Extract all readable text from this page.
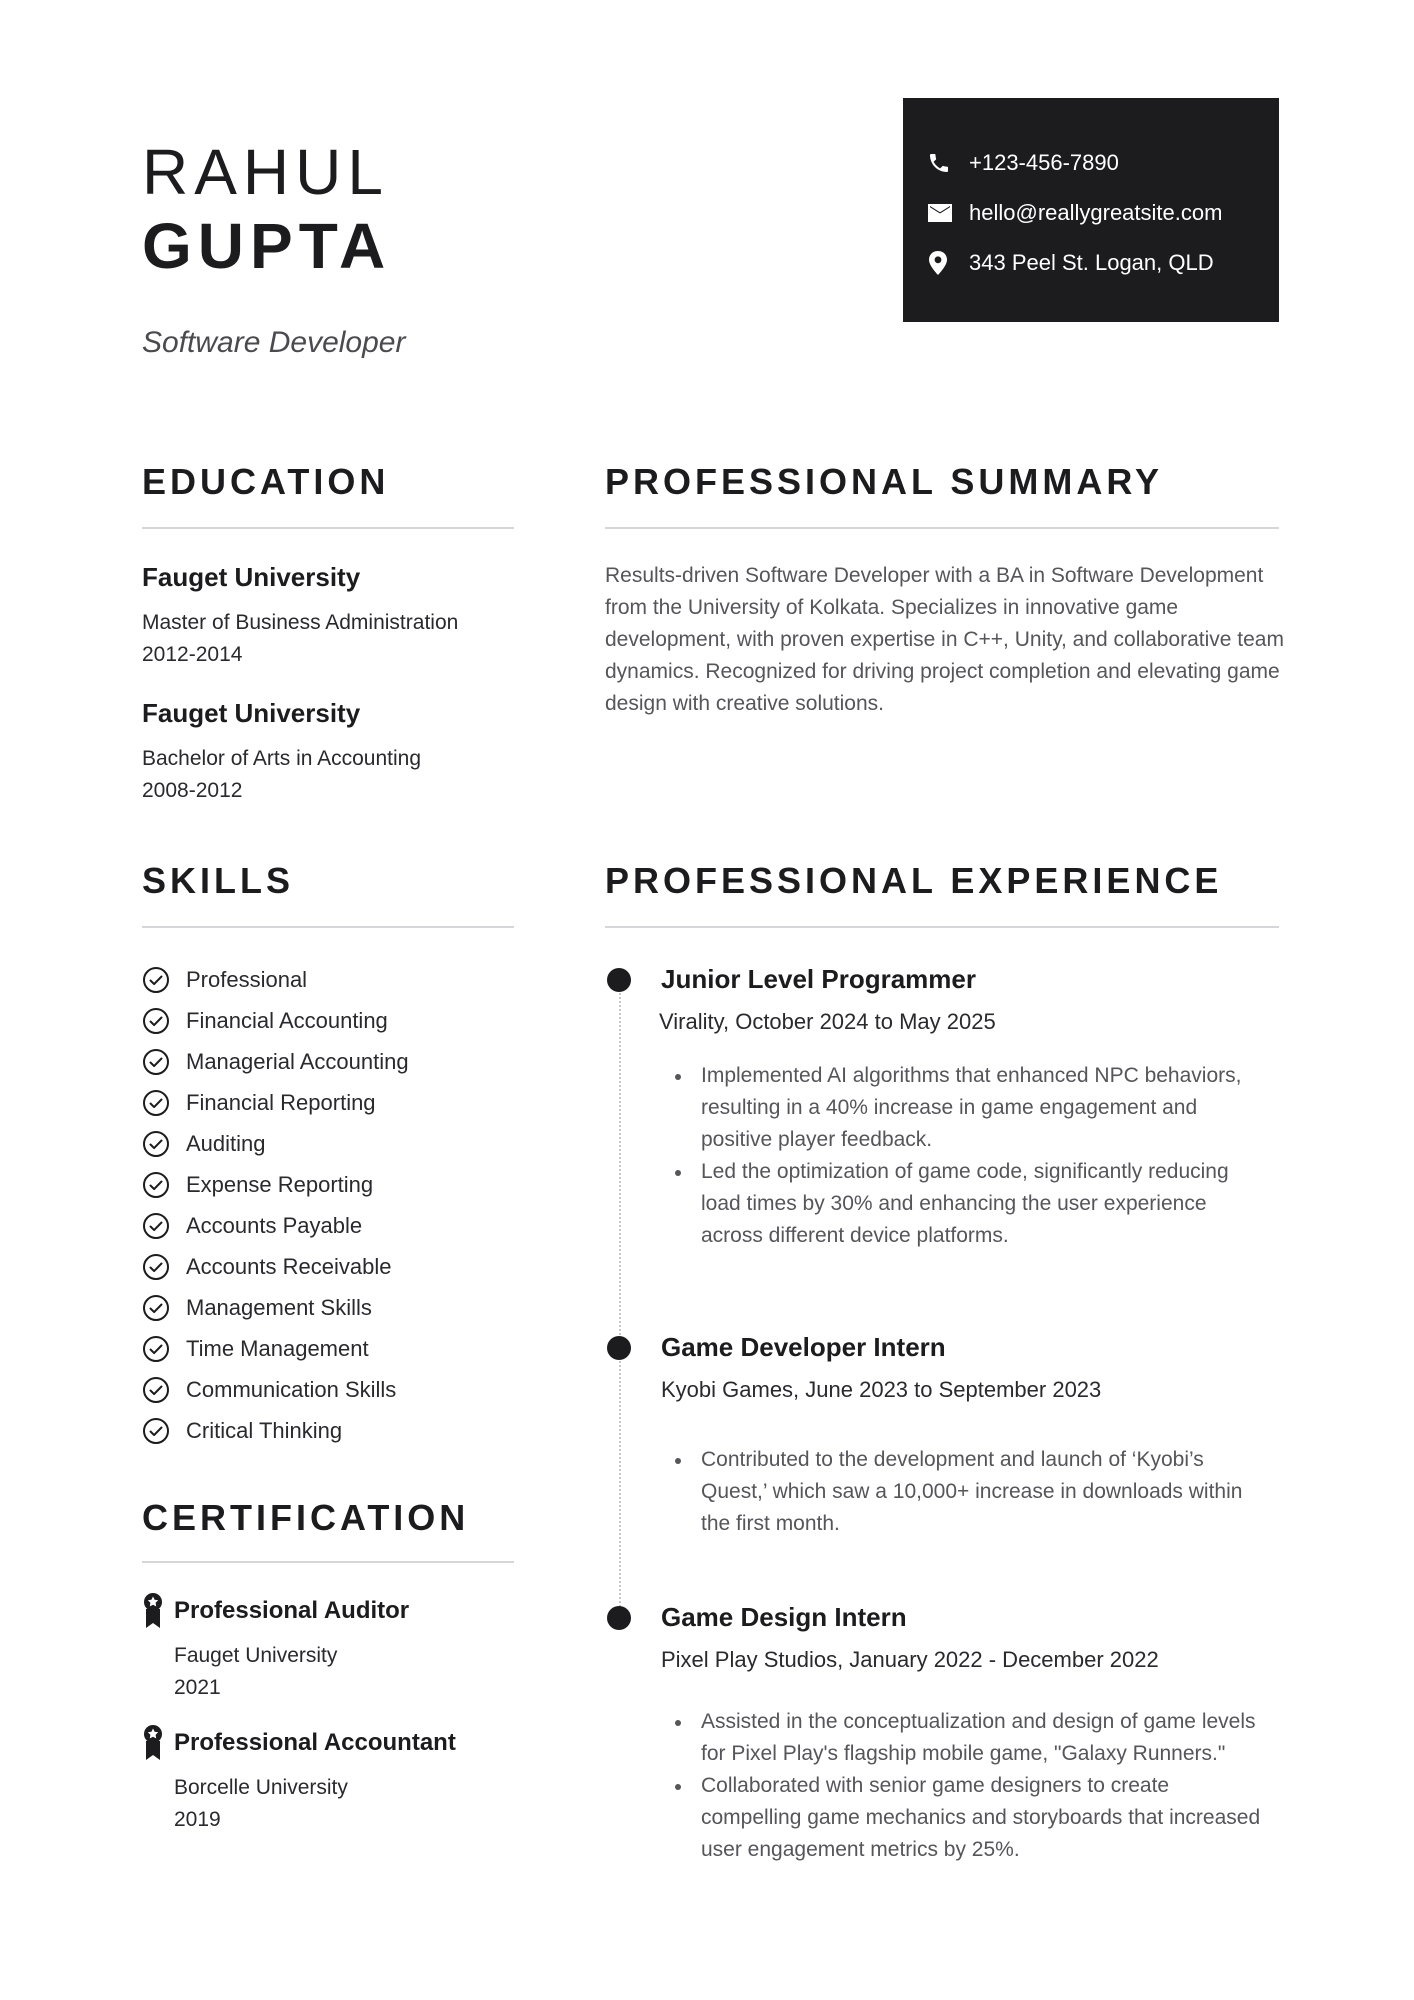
RAHUL
GUPTA
Software Developer
+123-456-7890
hello@reallygreatsite.com
343 Peel St. Logan, QLD
EDUCATION
Fauget University
Master of Business Administration
2012-2014
Fauget University
Bachelor of Arts in Accounting
2008-2012
PROFESSIONAL SUMMARY
Results-driven Software Developer with a BA in Software Development from the University of Kolkata. Specializes in innovative game development, with proven expertise in C++, Unity, and collaborative team dynamics. Recognized for driving project completion and elevating game design with creative solutions.
SKILLS
Professional
Financial Accounting
Managerial Accounting
Financial Reporting
Auditing
Expense Reporting
Accounts Payable
Accounts Receivable
Management Skills
Time Management
Communication Skills
Critical Thinking
CERTIFICATION
Professional Auditor
Fauget University
2021
Professional Accountant
Borcelle University
2019
PROFESSIONAL EXPERIENCE
Junior Level Programmer
Virality, October 2024 to May 2025
Implemented AI algorithms that enhanced NPC behaviors, resulting in a 40% increase in game engagement and positive player feedback.
Led the optimization of game code, significantly reducing load times by 30% and enhancing the user experience across different device platforms.
Game Developer Intern
Kyobi Games, June 2023 to September 2023
Contributed to the development and launch of ‘Kyobi’s Quest,’ which saw a 10,000+ increase in downloads within the first month.
Game Design Intern
Pixel Play Studios, January 2022 - December 2022
Assisted in the conceptualization and design of game levels for Pixel Play's flagship mobile game, "Galaxy Runners."
Collaborated with senior game designers to create compelling game mechanics and storyboards that increased user engagement metrics by 25%.
